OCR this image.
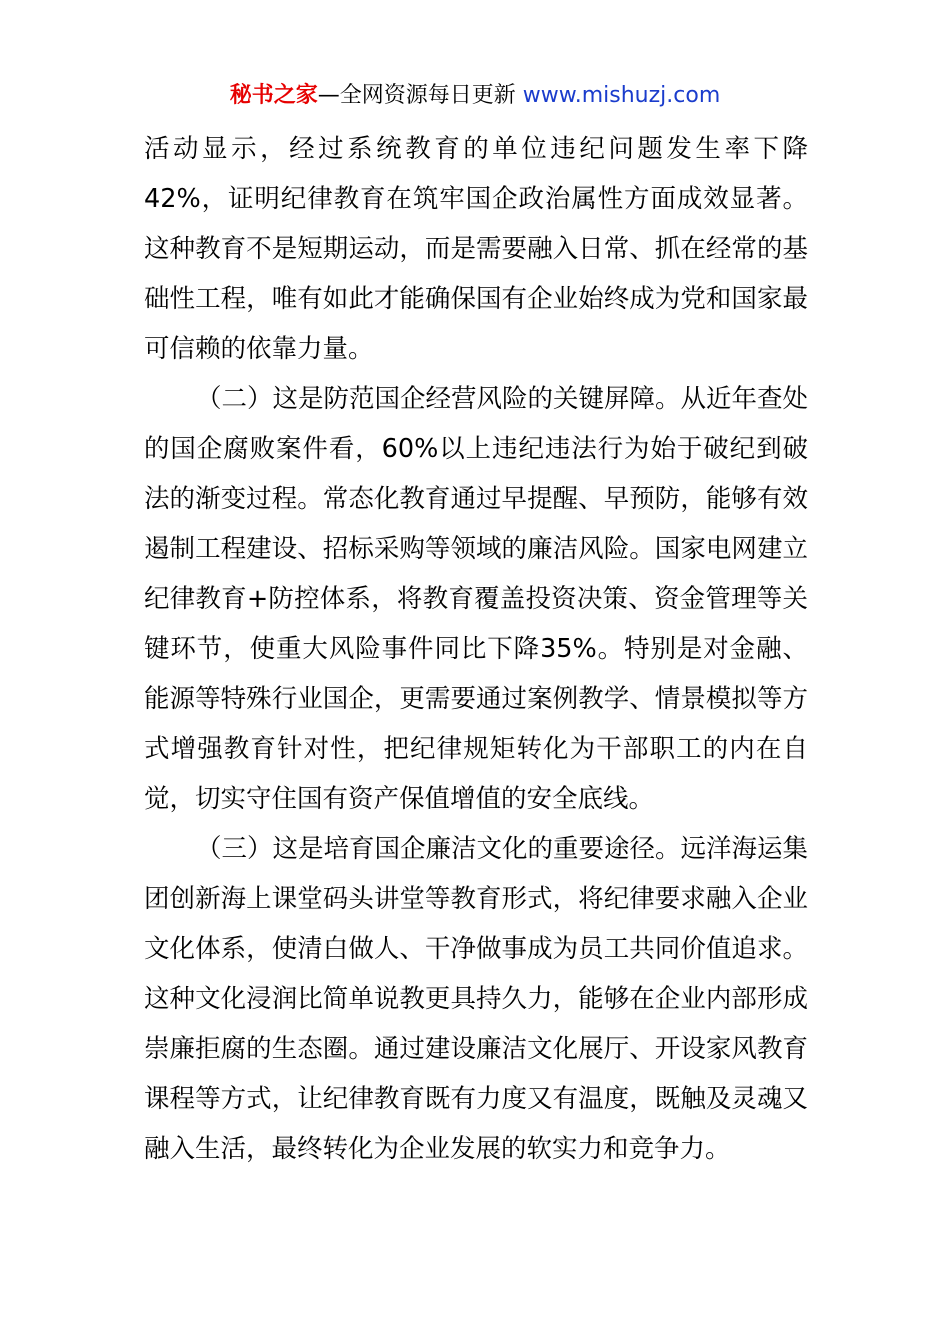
秘书之家—全网资源每日更新 www.mishuzj.com

活动显示，经过系统教育的单位违纪问题发生率下降42%，证明纪律教育在筑牢国企政治属性方面成效显著。这种教育不是短期运动，而是需要融入日常、抓在经常的基础性工程，唯有如此才能确保国有企业始终成为党和国家最可信赖的依靠力量。

（二）这是防范国企经营风险的关键屏障。从近年查处的国企腐败案件看，60%以上违纪违法行为始于破纪到破法的渐变过程。常态化教育通过早提醒、早预防，能够有效遏制工程建设、招标采购等领域的廉洁风险。国家电网建立纪律教育+防控体系，将教育覆盖投资决策、资金管理等关键环节，使重大风险事件同比下降35%。特别是对金融、能源等特殊行业国企，更需要通过案例教学、情景模拟等方式增强教育针对性，把纪律规矩转化为干部职工的内在自觉，切实守住国有资产保值增值的安全底线。

（三）这是培育国企廉洁文化的重要途径。远洋海运集团创新海上课堂码头讲堂等教育形式，将纪律要求融入企业文化体系，使清白做人、干净做事成为员工共同价值追求。这种文化浸润比简单说教更具持久力，能够在企业内部形成崇廉拒腐的生态圈。通过建设廉洁文化展厅、开设家风教育课程等方式，让纪律教育既有力度又有温度，既触及灵魂又融入生活，最终转化为企业发展的软实力和竞争力。
